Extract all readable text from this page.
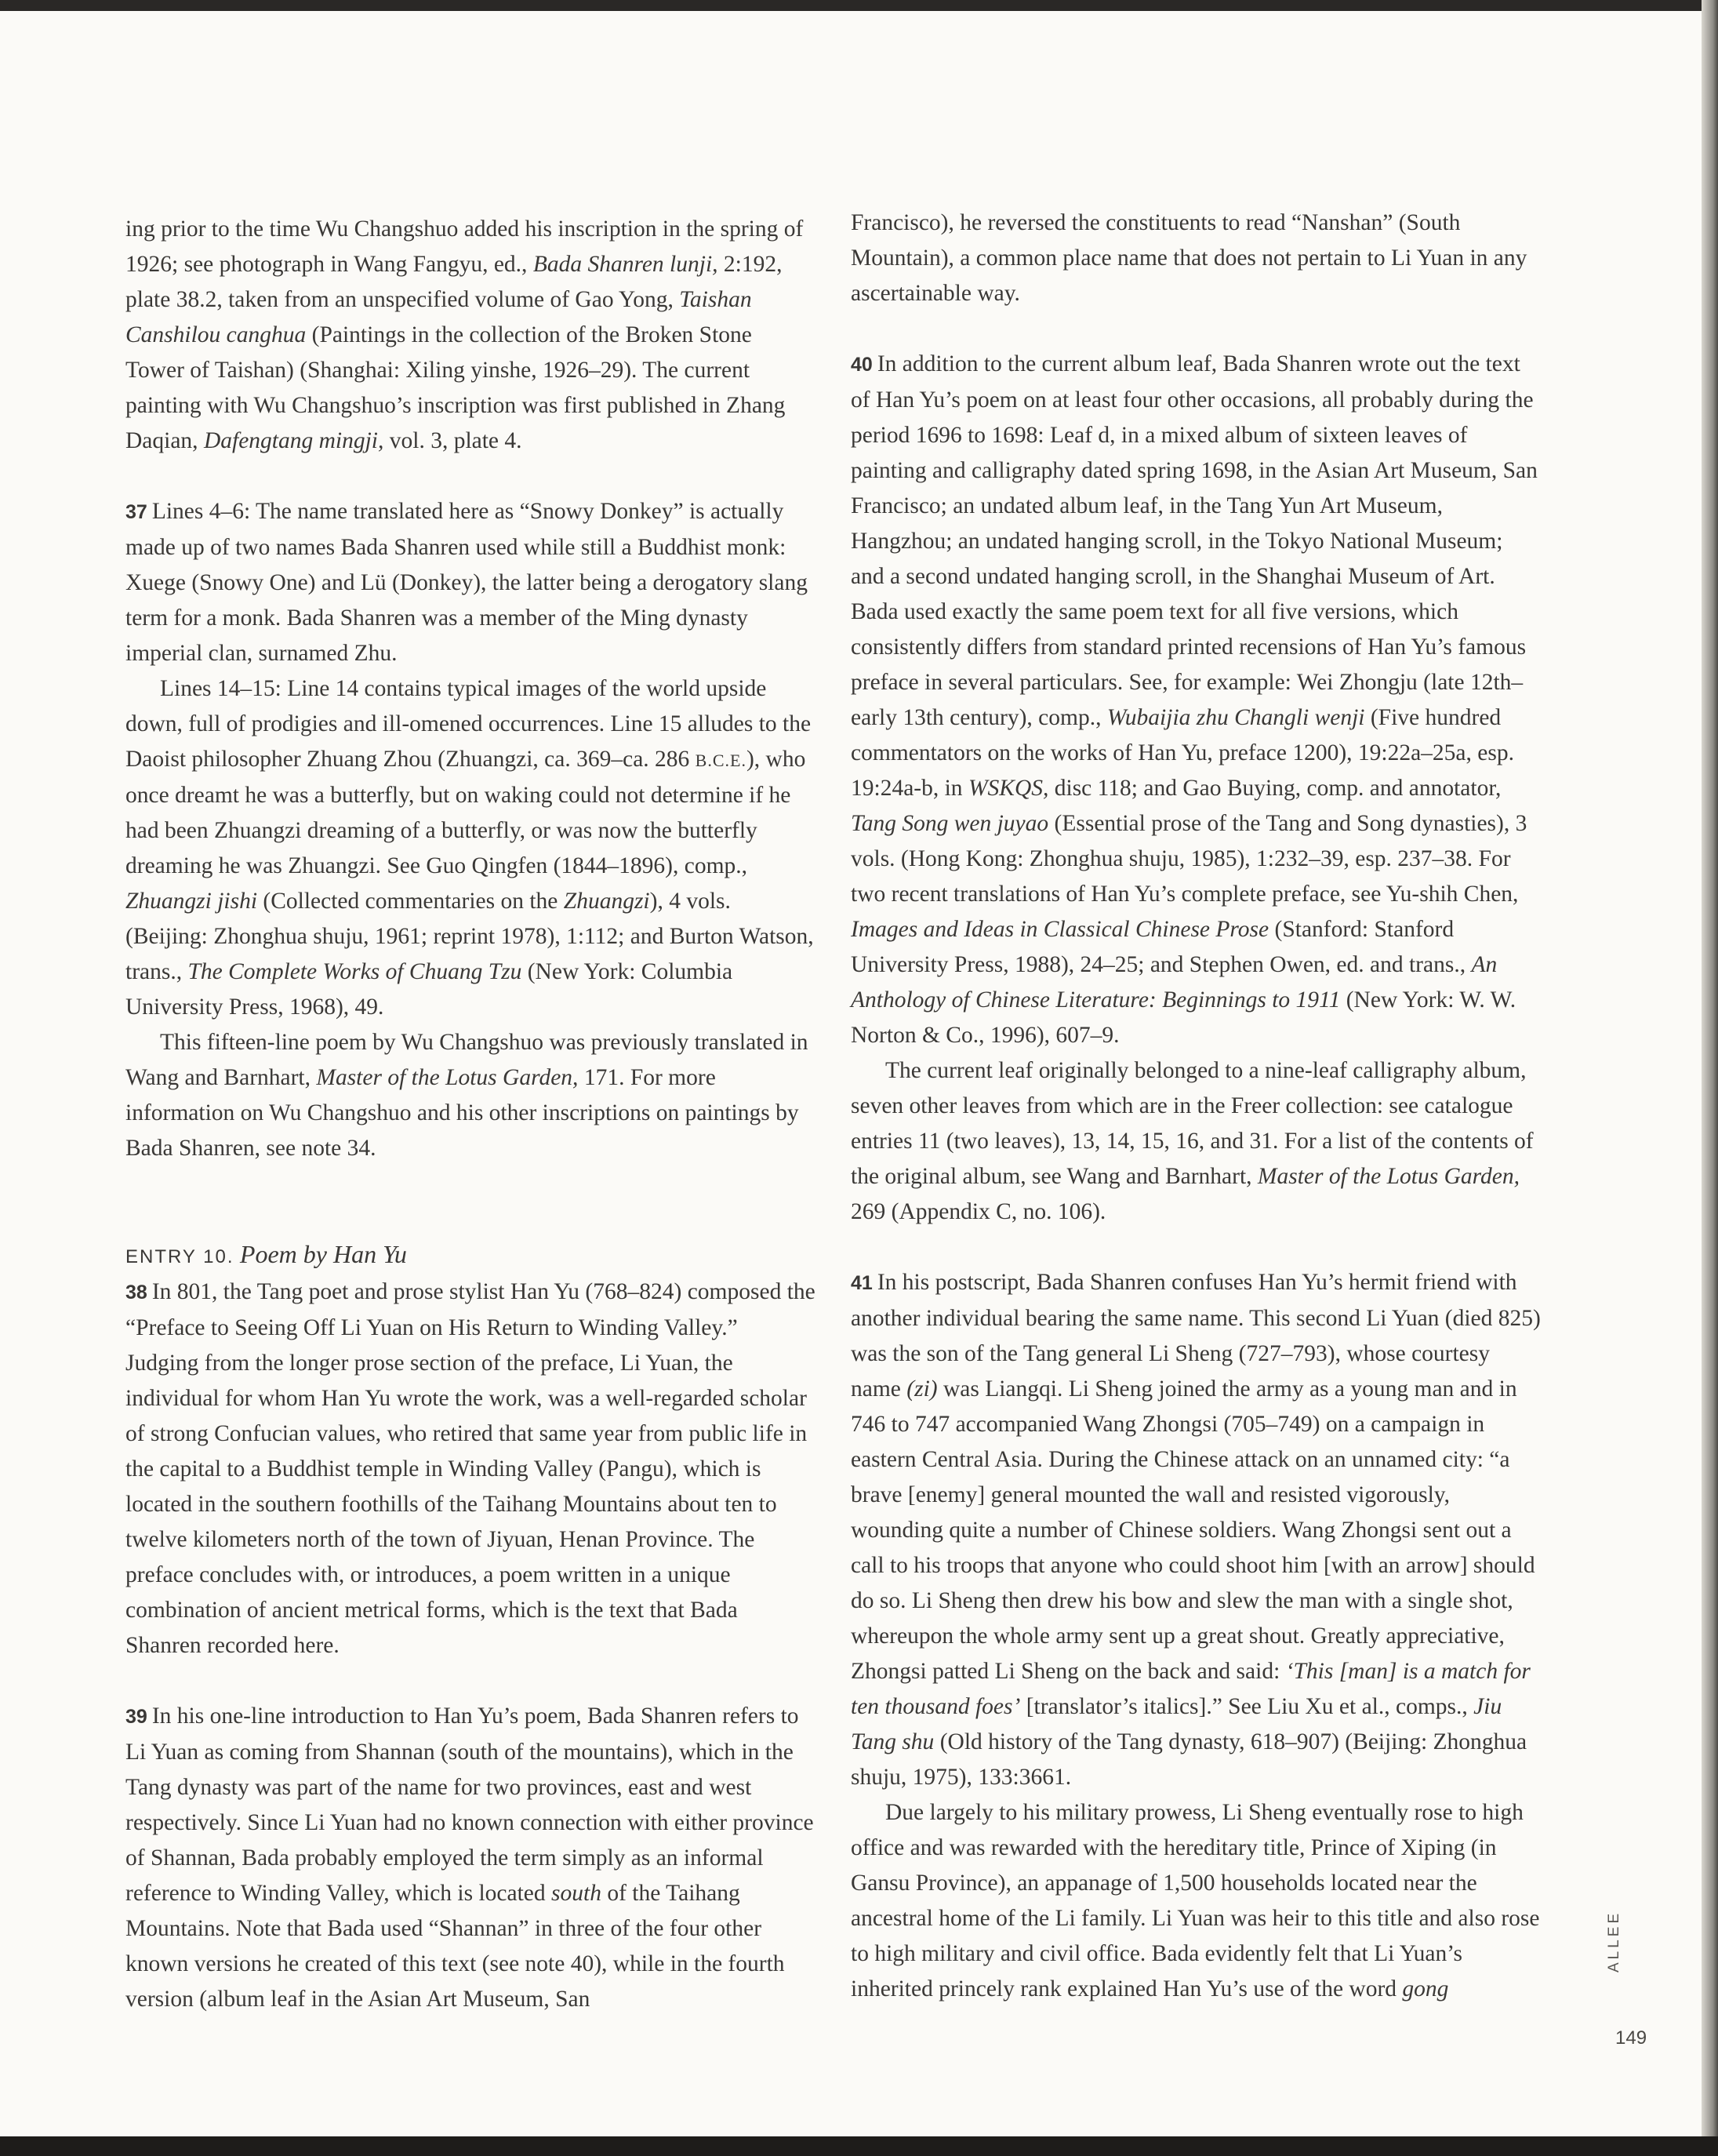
ing prior to the time Wu Changshuo added his inscription in the spring of 1926; see photograph in Wang Fangyu, ed., Bada Shanren lunji, 2:192, plate 38.2, taken from an unspecified volume of Gao Yong, Taishan Canshilou canghua (Paintings in the collection of the Broken Stone Tower of Taishan) (Shanghai: Xiling yinshe, 1926–29). The current painting with Wu Changshuo’s inscription was first published in Zhang Daqian, Dafengtang mingji, vol. 3, plate 4.

37 Lines 4–6: The name translated here as “Snowy Donkey” is actually made up of two names Bada Shanren used while still a Buddhist monk: Xuege (Snowy One) and Lü (Donkey), the latter being a derogatory slang term for a monk. Bada Shanren was a member of the Ming dynasty imperial clan, surnamed Zhu.

Lines 14–15: Line 14 contains typical images of the world upside down, full of prodigies and ill-omened occurrences. Line 15 alludes to the Daoist philosopher Zhuang Zhou (Zhuangzi, ca. 369–ca. 286 B.C.E.), who once dreamt he was a butterfly, but on waking could not determine if he had been Zhuangzi dreaming of a butterfly, or was now the butterfly dreaming he was Zhuangzi. See Guo Qingfen (1844–1896), comp., Zhuangzi jishi (Collected commentaries on the Zhuangzi), 4 vols. (Beijing: Zhonghua shuju, 1961; reprint 1978), 1:112; and Burton Watson, trans., The Complete Works of Chuang Tzu (New York: Columbia University Press, 1968), 49.

This fifteen-line poem by Wu Changshuo was previously translated in Wang and Barnhart, Master of the Lotus Garden, 171. For more information on Wu Changshuo and his other inscriptions on paintings by Bada Shanren, see note 34.

ENTRY 10. Poem by Han Yu

38 In 801, the Tang poet and prose stylist Han Yu (768–824) composed the “Preface to Seeing Off Li Yuan on His Return to Winding Valley.” Judging from the longer prose section of the preface, Li Yuan, the individual for whom Han Yu wrote the work, was a well-regarded scholar of strong Confucian values, who retired that same year from public life in the capital to a Buddhist temple in Winding Valley (Pangu), which is located in the southern foothills of the Taihang Mountains about ten to twelve kilometers north of the town of Jiyuan, Henan Province. The preface concludes with, or introduces, a poem written in a unique combination of ancient metrical forms, which is the text that Bada Shanren recorded here.

39 In his one-line introduction to Han Yu’s poem, Bada Shanren refers to Li Yuan as coming from Shannan (south of the mountains), which in the Tang dynasty was part of the name for two provinces, east and west respectively. Since Li Yuan had no known connection with either province of Shannan, Bada probably employed the term simply as an informal reference to Winding Valley, which is located south of the Taihang Mountains. Note that Bada used “Shannan” in three of the four other known versions he created of this text (see note 40), while in the fourth version (album leaf in the Asian Art Museum, San

Francisco), he reversed the constituents to read “Nanshan” (South Mountain), a common place name that does not pertain to Li Yuan in any ascertainable way.

40 In addition to the current album leaf, Bada Shanren wrote out the text of Han Yu’s poem on at least four other occasions, all probably during the period 1696 to 1698: Leaf d, in a mixed album of sixteen leaves of painting and calligraphy dated spring 1698, in the Asian Art Museum, San Francisco; an undated album leaf, in the Tang Yun Art Museum, Hangzhou; an undated hanging scroll, in the Tokyo National Museum; and a second undated hanging scroll, in the Shanghai Museum of Art. Bada used exactly the same poem text for all five versions, which consistently differs from standard printed recensions of Han Yu’s famous preface in several particulars. See, for example: Wei Zhongju (late 12th–early 13th century), comp., Wubaijia zhu Changli wenji (Five hundred commentators on the works of Han Yu, preface 1200), 19:22a–25a, esp. 19:24a-b, in WSKQS, disc 118; and Gao Buying, comp. and annotator, Tang Song wen juyao (Essential prose of the Tang and Song dynasties), 3 vols. (Hong Kong: Zhonghua shuju, 1985), 1:232–39, esp. 237–38. For two recent translations of Han Yu’s complete preface, see Yu-shih Chen, Images and Ideas in Classical Chinese Prose (Stanford: Stanford University Press, 1988), 24–25; and Stephen Owen, ed. and trans., An Anthology of Chinese Literature: Beginnings to 1911 (New York: W. W. Norton & Co., 1996), 607–9.

The current leaf originally belonged to a nine-leaf calligraphy album, seven other leaves from which are in the Freer collection: see catalogue entries 11 (two leaves), 13, 14, 15, 16, and 31. For a list of the contents of the original album, see Wang and Barnhart, Master of the Lotus Garden, 269 (Appendix C, no. 106).

41 In his postscript, Bada Shanren confuses Han Yu’s hermit friend with another individual bearing the same name. This second Li Yuan (died 825) was the son of the Tang general Li Sheng (727–793), whose courtesy name (zi) was Liangqi. Li Sheng joined the army as a young man and in 746 to 747 accompanied Wang Zhongsi (705–749) on a campaign in eastern Central Asia. During the Chinese attack on an unnamed city: “a brave [enemy] general mounted the wall and resisted vigorously, wounding quite a number of Chinese soldiers. Wang Zhongsi sent out a call to his troops that anyone who could shoot him [with an arrow] should do so. Li Sheng then drew his bow and slew the man with a single shot, whereupon the whole army sent up a great shout. Greatly appreciative, Zhongsi patted Li Sheng on the back and said: ‘This [man] is a match for ten thousand foes’ [translator’s italics].” See Liu Xu et al., comps., Jiu Tang shu (Old history of the Tang dynasty, 618–907) (Beijing: Zhonghua shuju, 1975), 133:3661.

Due largely to his military prowess, Li Sheng eventually rose to high office and was rewarded with the hereditary title, Prince of Xiping (in Gansu Province), an appanage of 1,500 households located near the ancestral home of the Li family. Li Yuan was heir to this title and also rose to high military and civil office. Bada evidently felt that Li Yuan’s inherited princely rank explained Han Yu’s use of the word gong

ALLEE
149
